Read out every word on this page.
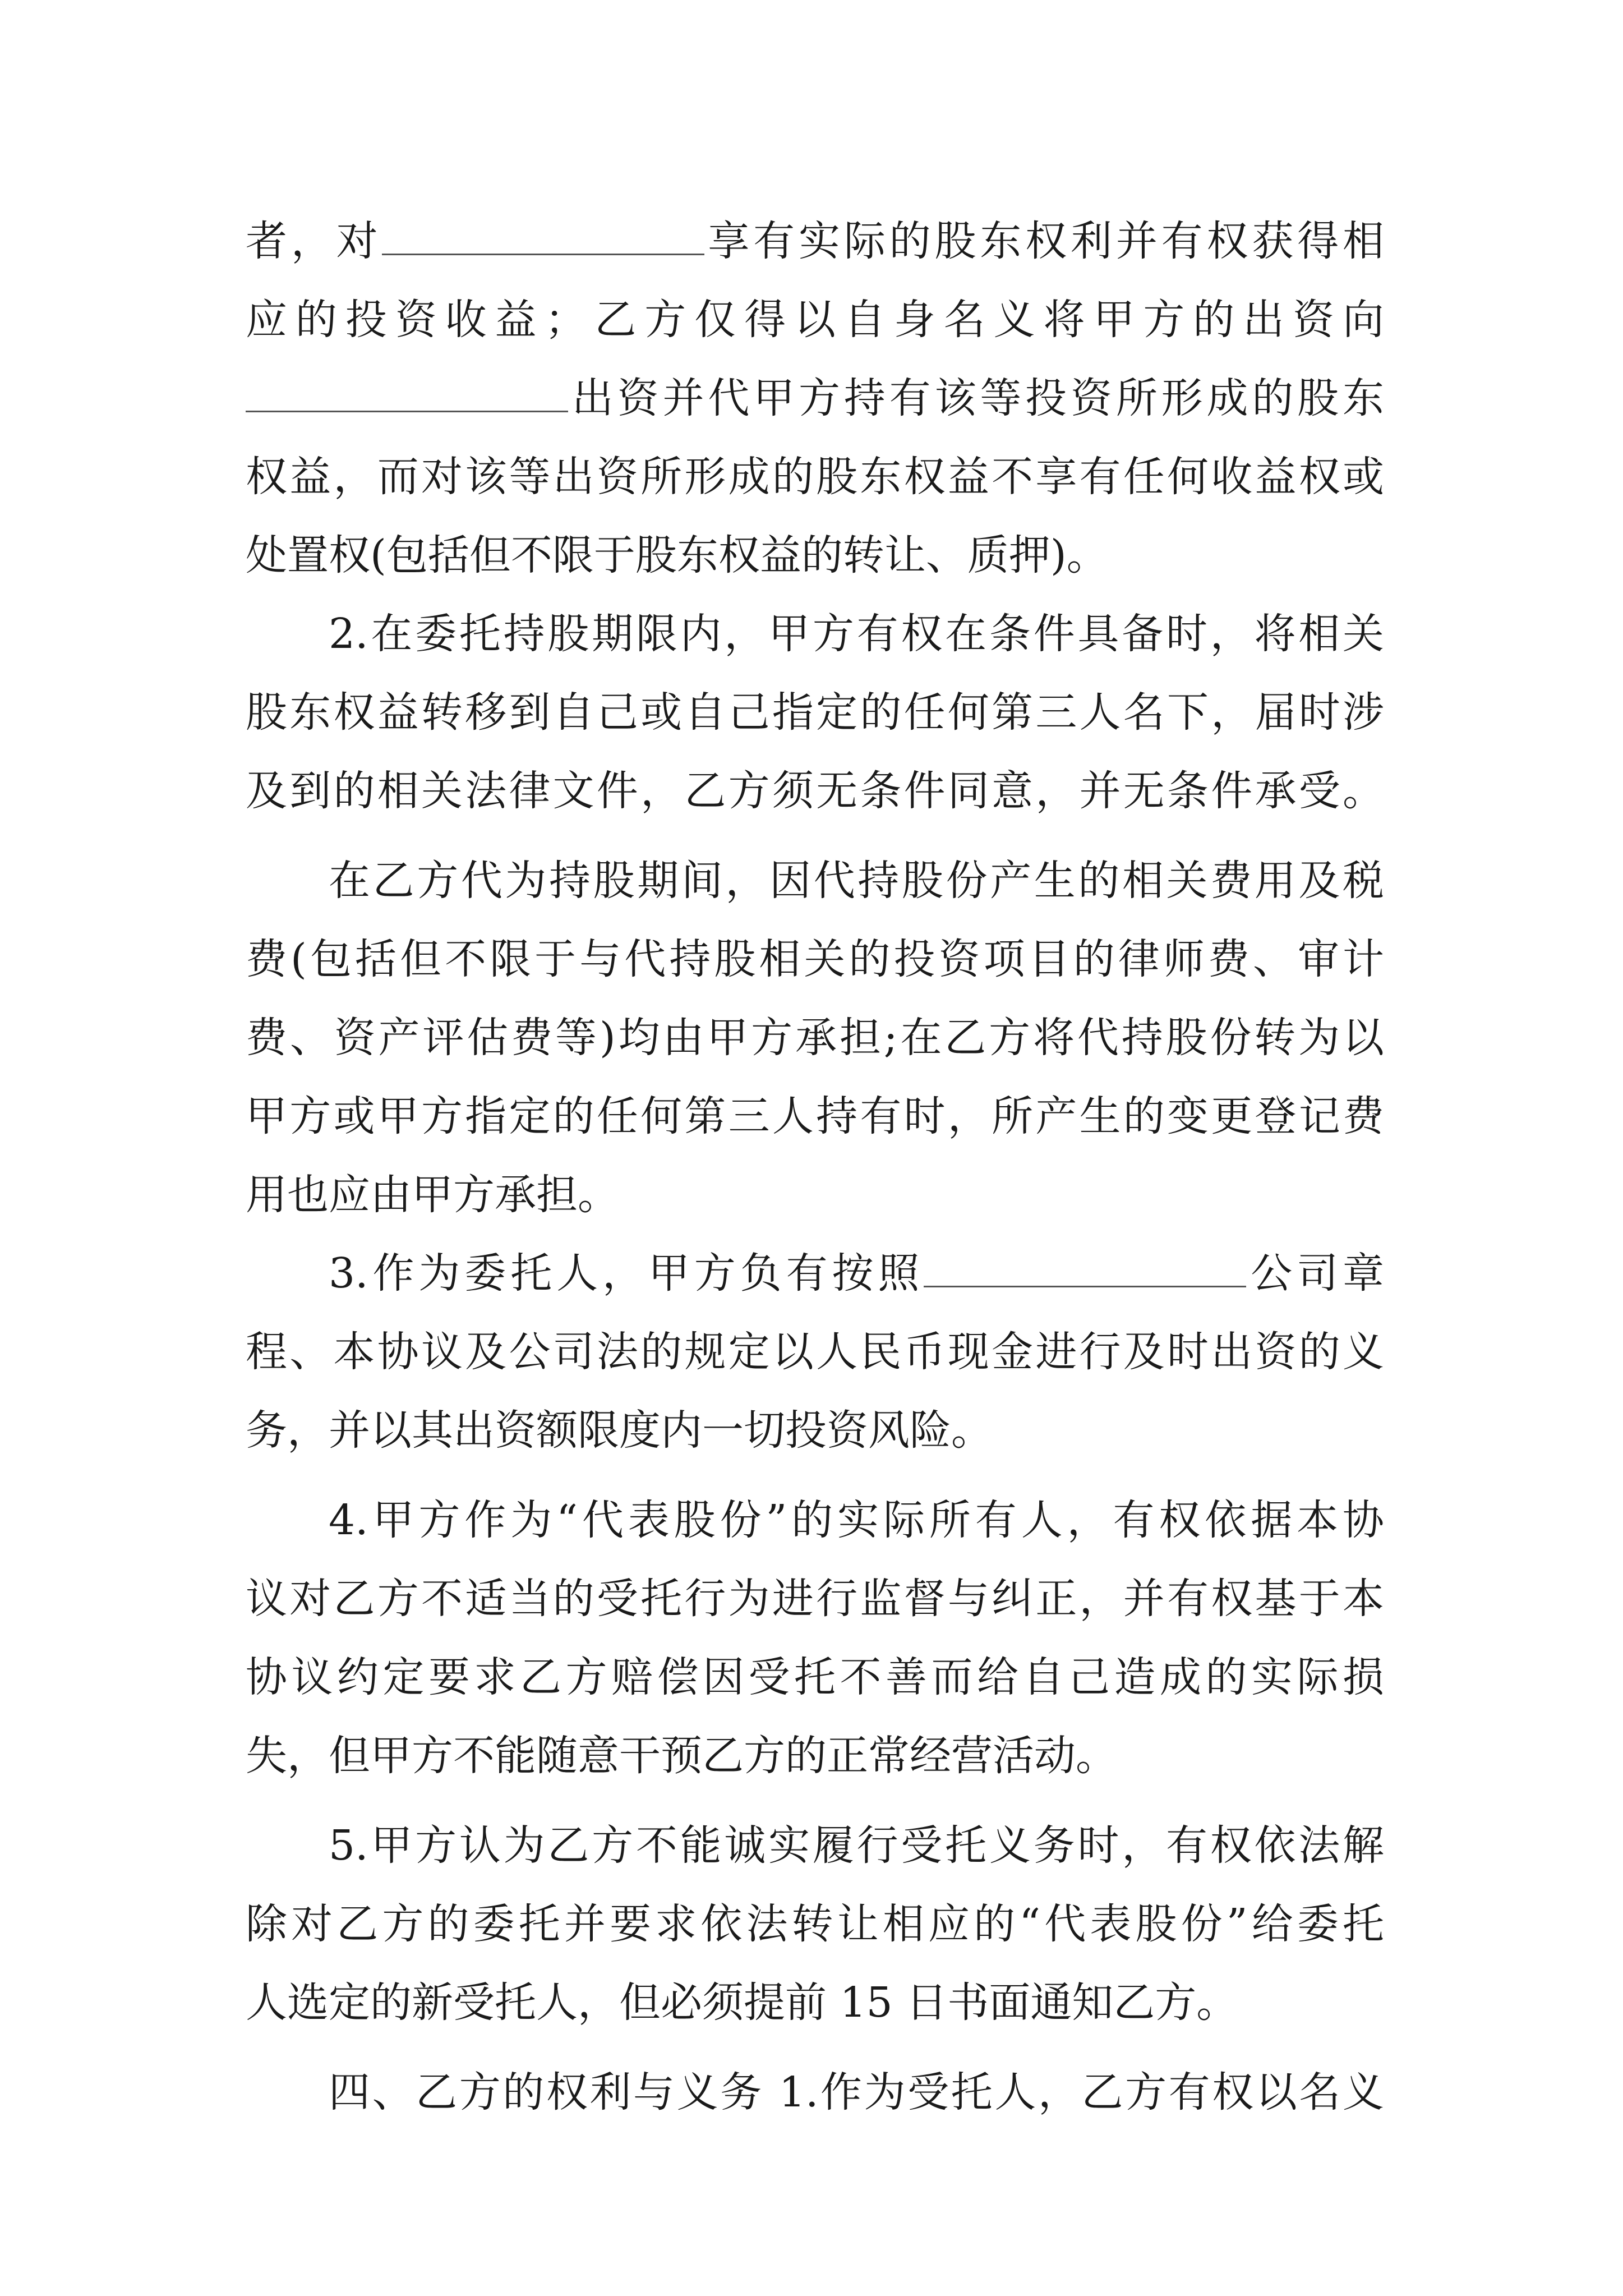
者，对	享有实际的股东权利并有权获得相
应的投资收益；乙方仅得以自身名义将甲方的出资向
出资并代甲方持有该等投资所形成的股东
权益，而对该等出资所形成的股东权益不享有任何收益权或
处置权(包括但不限于股东权益的转让、质押)。
2.在委托持股期限内，甲方有权在条件具备时，将相关
股东权益转移到自己或自己指定的任何第三人名下，届时涉
及到的相关法律文件，乙方须无条件同意，并无条件承受。
在乙方代为持股期间，因代持股份产生的相关费用及税
费(包括但不限于与代持股相关的投资项目的律师费、审计
费、资产评估费等)均由甲方承担;在乙方将代持股份转为以
甲方或甲方指定的任何第三人持有时，所产生的变更登记费
用也应由甲方承担。
3.作为委托人，甲方负有按照	公司章
程、本协议及公司法的规定以人民币现金进行及时出资的义
务，并以其出资额限度内一切投资风险。
4.甲方作为“代表股份”的实际所有人，有权依据本协
议对乙方不适当的受托行为进行监督与纠正，并有权基于本
协议约定要求乙方赔偿因受托不善而给自己造成的实际损
失，但甲方不能随意干预乙方的正常经营活动。
5.甲方认为乙方不能诚实履行受托义务时，有权依法解
除对乙方的委托并要求依法转让相应的“代表股份”给委托
人选定的新受托人，但必须提前 15 日书面通知乙方。
四、乙方的权利与义务 1.作为受托人，乙方有权以名义
